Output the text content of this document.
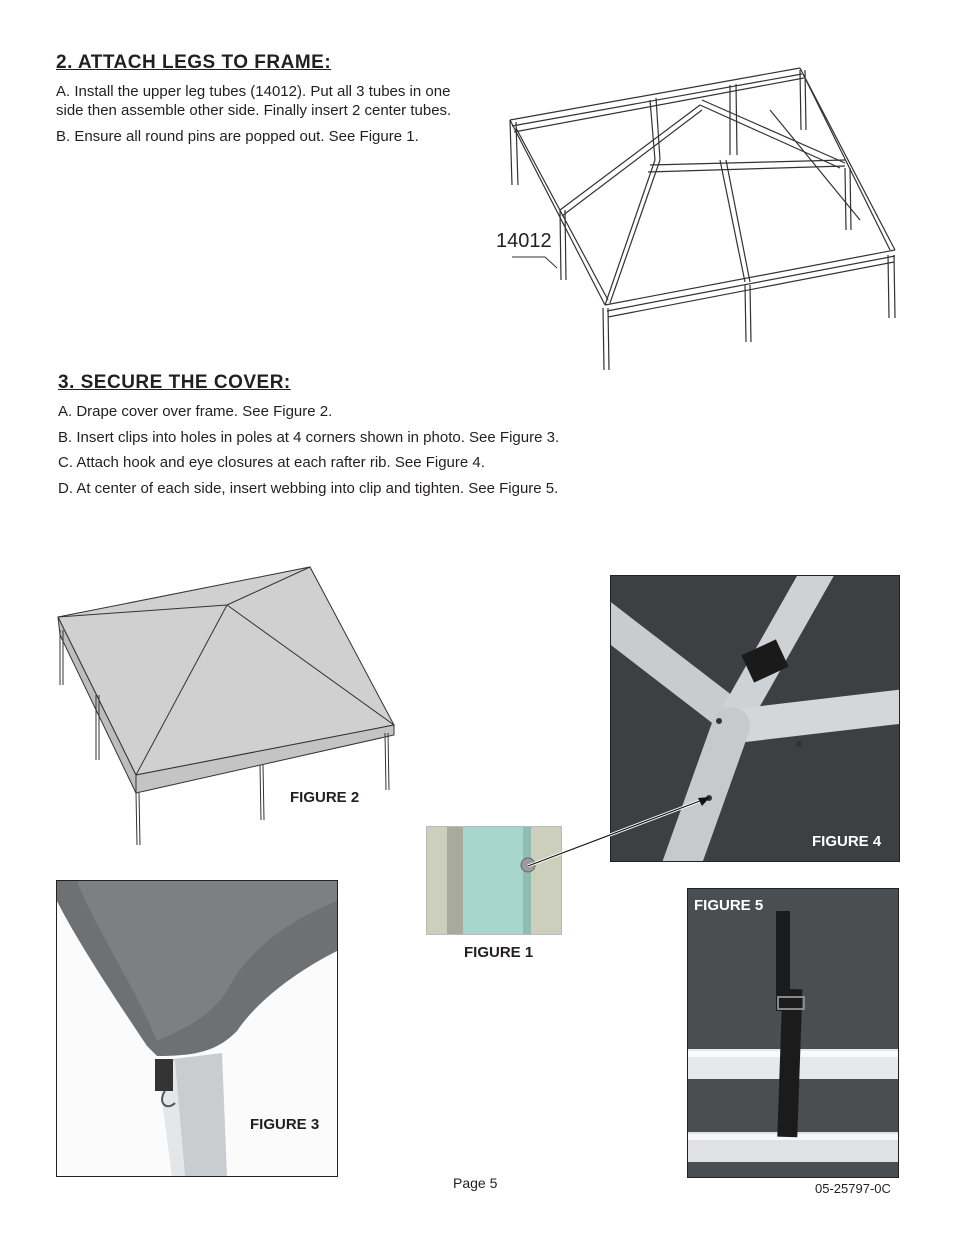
2. ATTACH LEGS TO FRAME:
A. Install the upper leg tubes (14012). Put all 3 tubes in one
side then assemble other side. Finally insert 2 center tubes.
B. Ensure all round pins are popped out. See Figure 1.
14012
3. SECURE THE COVER:
A. Drape cover over frame. See Figure 2.
B. Insert clips into holes in poles at 4 corners shown in photo. See Figure 3.
C. Attach hook and eye closures at each rafter rib. See Figure 4.
D. At center of each side, insert webbing into clip and tighten. See Figure 5.
FIGURE 2
FIGURE 4
FIGURE 1
FIGURE 3
FIGURE 5
Page 5	05-25797-0C
